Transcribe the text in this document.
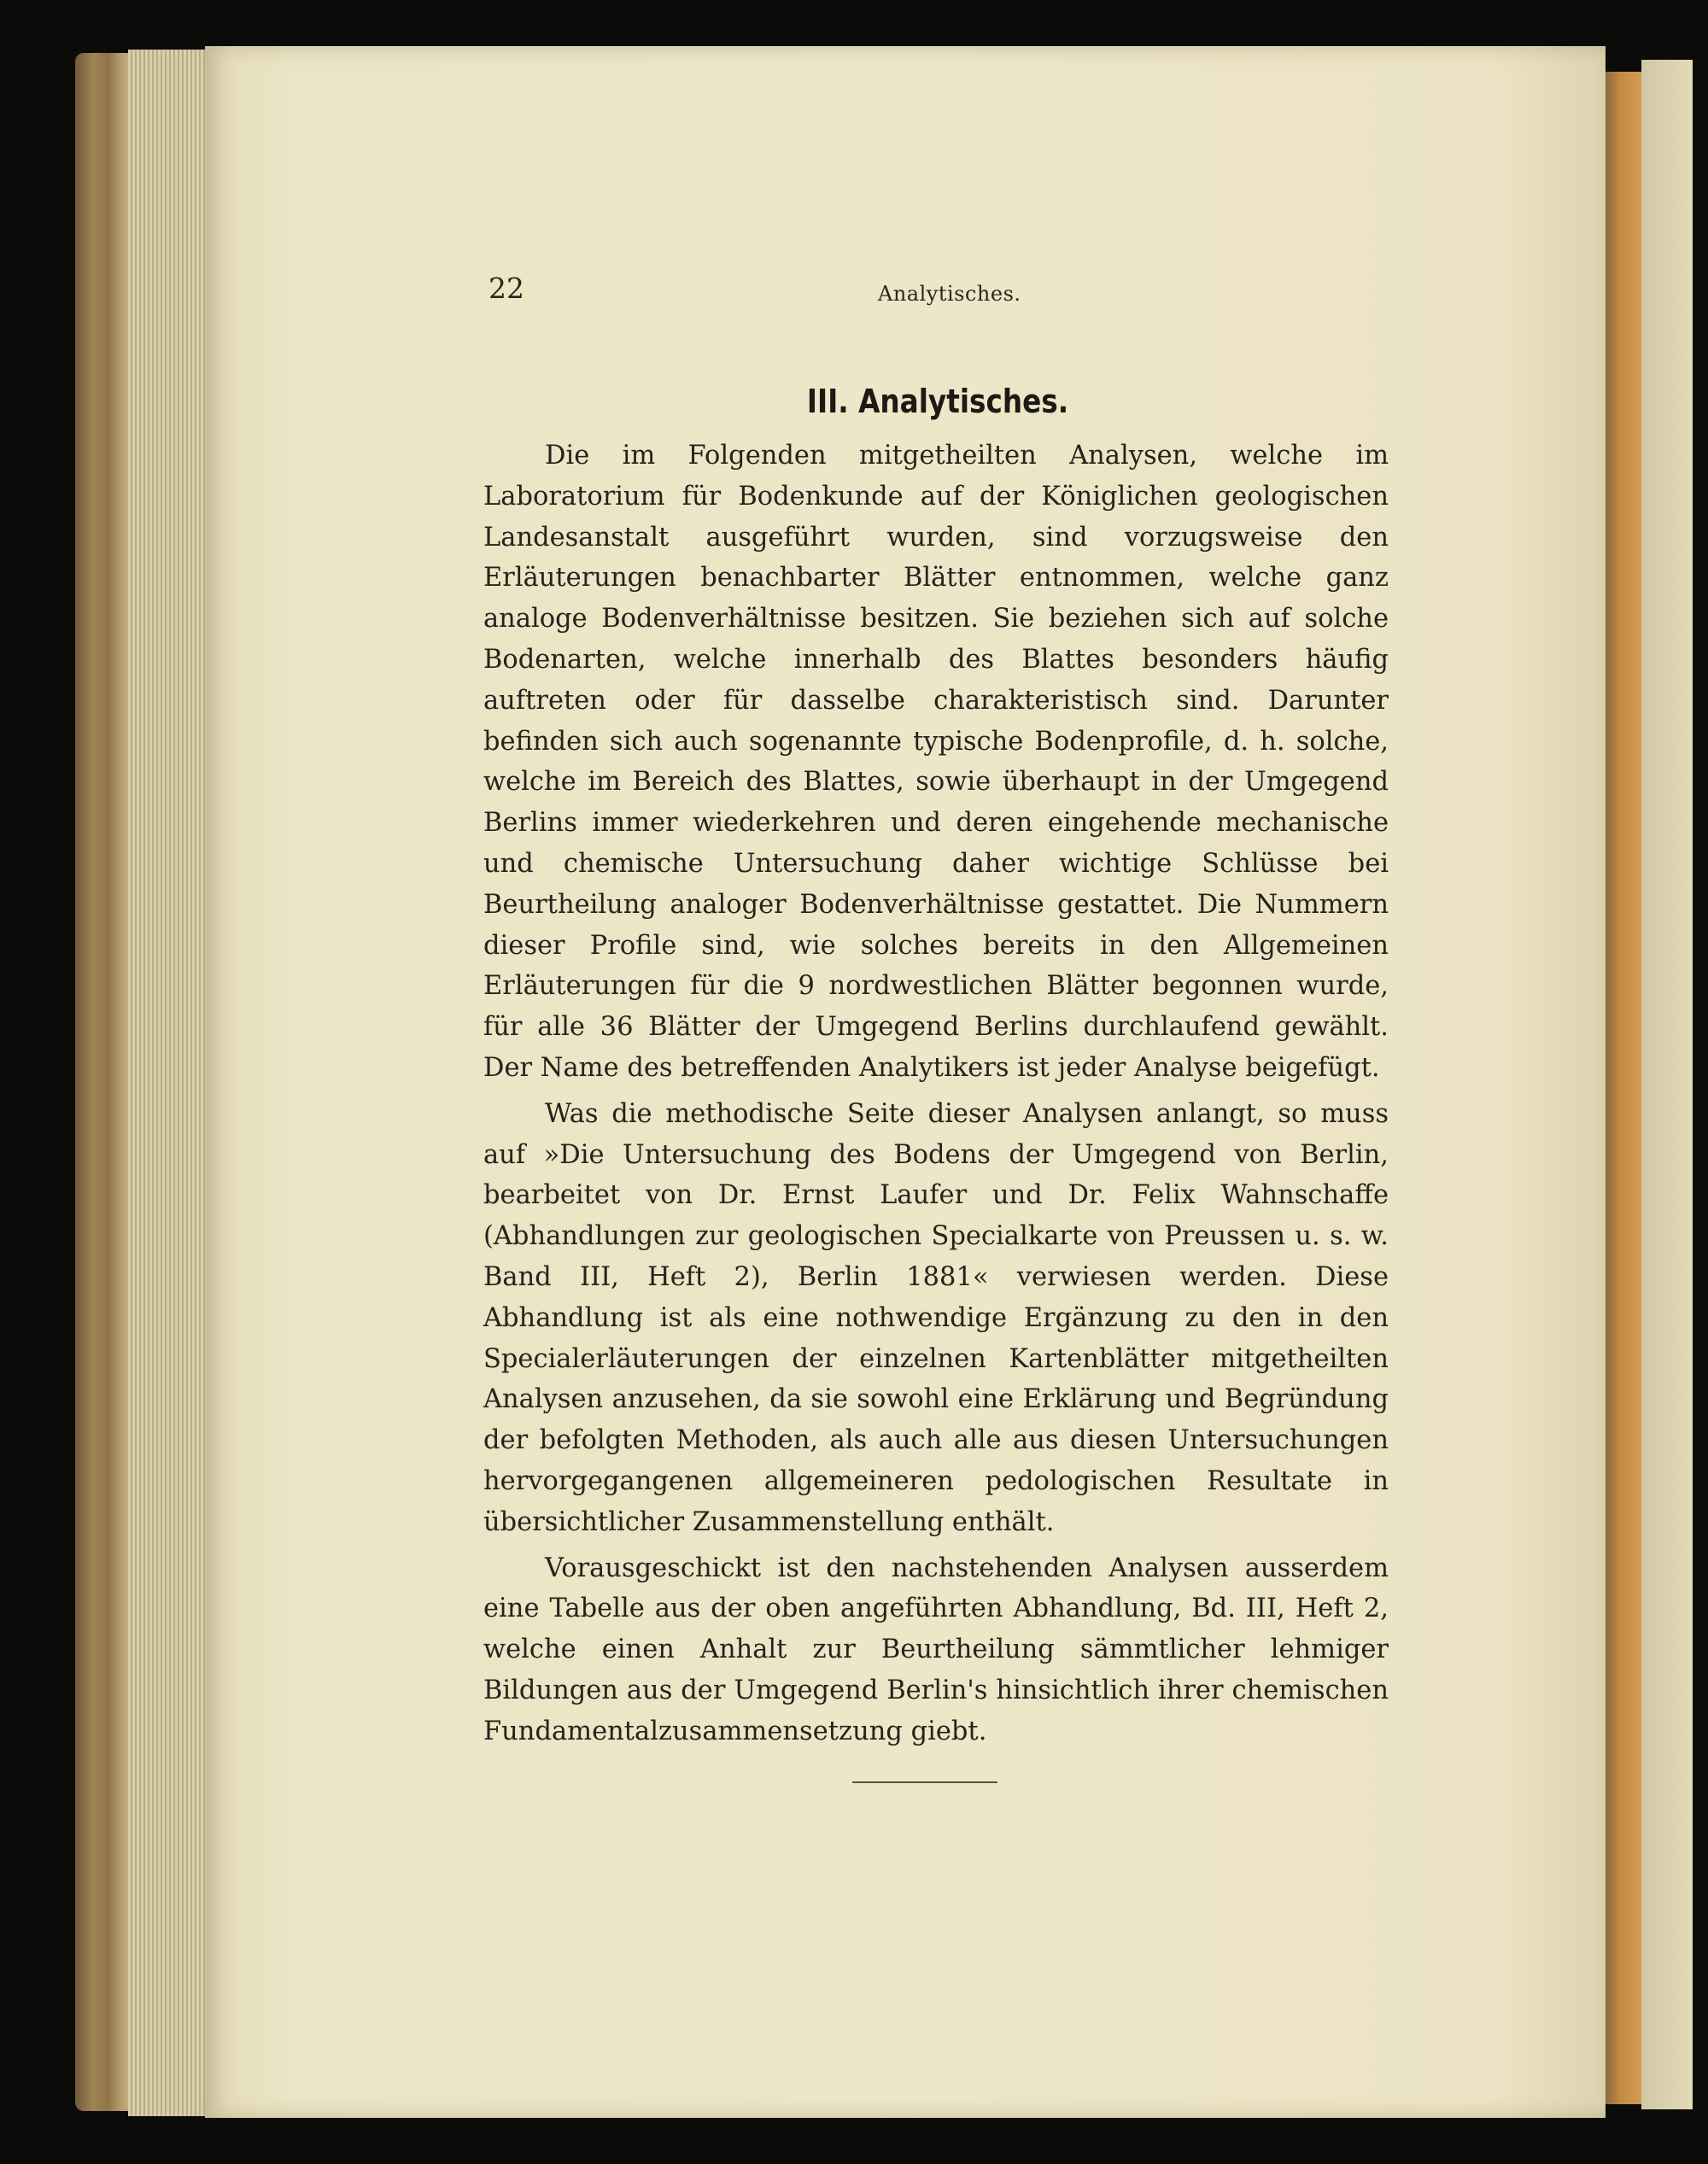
22	Analytisches.
III. Analytisches.

Die im Folgenden mitgetheilten Analysen, welche im Laboratorium für Bodenkunde auf der Königlichen geologischen Landesanstalt ausgeführt wurden, sind vorzugsweise den Erläuterungen benachbarter Blätter entnommen, welche ganz analoge Bodenverhältnisse besitzen. Sie beziehen sich auf solche Bodenarten, welche innerhalb des Blattes besonders häufig auftreten oder für dasselbe charakteristisch sind. Darunter befinden sich auch sogenannte typische Bodenprofile, d. h. solche, welche im Bereich des Blattes, sowie überhaupt in der Umgegend Berlins immer wiederkehren und deren eingehende mechanische und chemische Untersuchung daher wichtige Schlüsse bei Beurtheilung analoger Bodenverhältnisse gestattet. Die Nummern dieser Profile sind, wie solches bereits in den Allgemeinen Erläuterungen für die 9 nordwestlichen Blätter begonnen wurde, für alle 36 Blätter der Umgegend Berlins durchlaufend gewählt. Der Name des betreffenden Analytikers ist jeder Analyse beigefügt.

Was die methodische Seite dieser Analysen anlangt, so muss auf »Die Untersuchung des Bodens der Umgegend von Berlin, bearbeitet von Dr. Ernst Laufer und Dr. Felix Wahnschaffe (Abhandlungen zur geologischen Specialkarte von Preussen u. s. w. Band III, Heft 2), Berlin 1881« verwiesen werden. Diese Abhandlung ist als eine nothwendige Ergänzung zu den in den Specialerläuterungen der einzelnen Kartenblätter mitgetheilten Analysen anzusehen, da sie sowohl eine Erklärung und Begründung der befolgten Methoden, als auch alle aus diesen Untersuchungen hervorgegangenen allgemeineren pedologischen Resultate in übersichtlicher Zusammenstellung enthält.

Vorausgeschickt ist den nachstehenden Analysen ausserdem eine Tabelle aus der oben angeführten Abhandlung, Bd. III, Heft 2, welche einen Anhalt zur Beurtheilung sämmtlicher lehmiger Bildungen aus der Umgegend Berlin's hinsichtlich ihrer chemischen Fundamentalzusammensetzung giebt.
